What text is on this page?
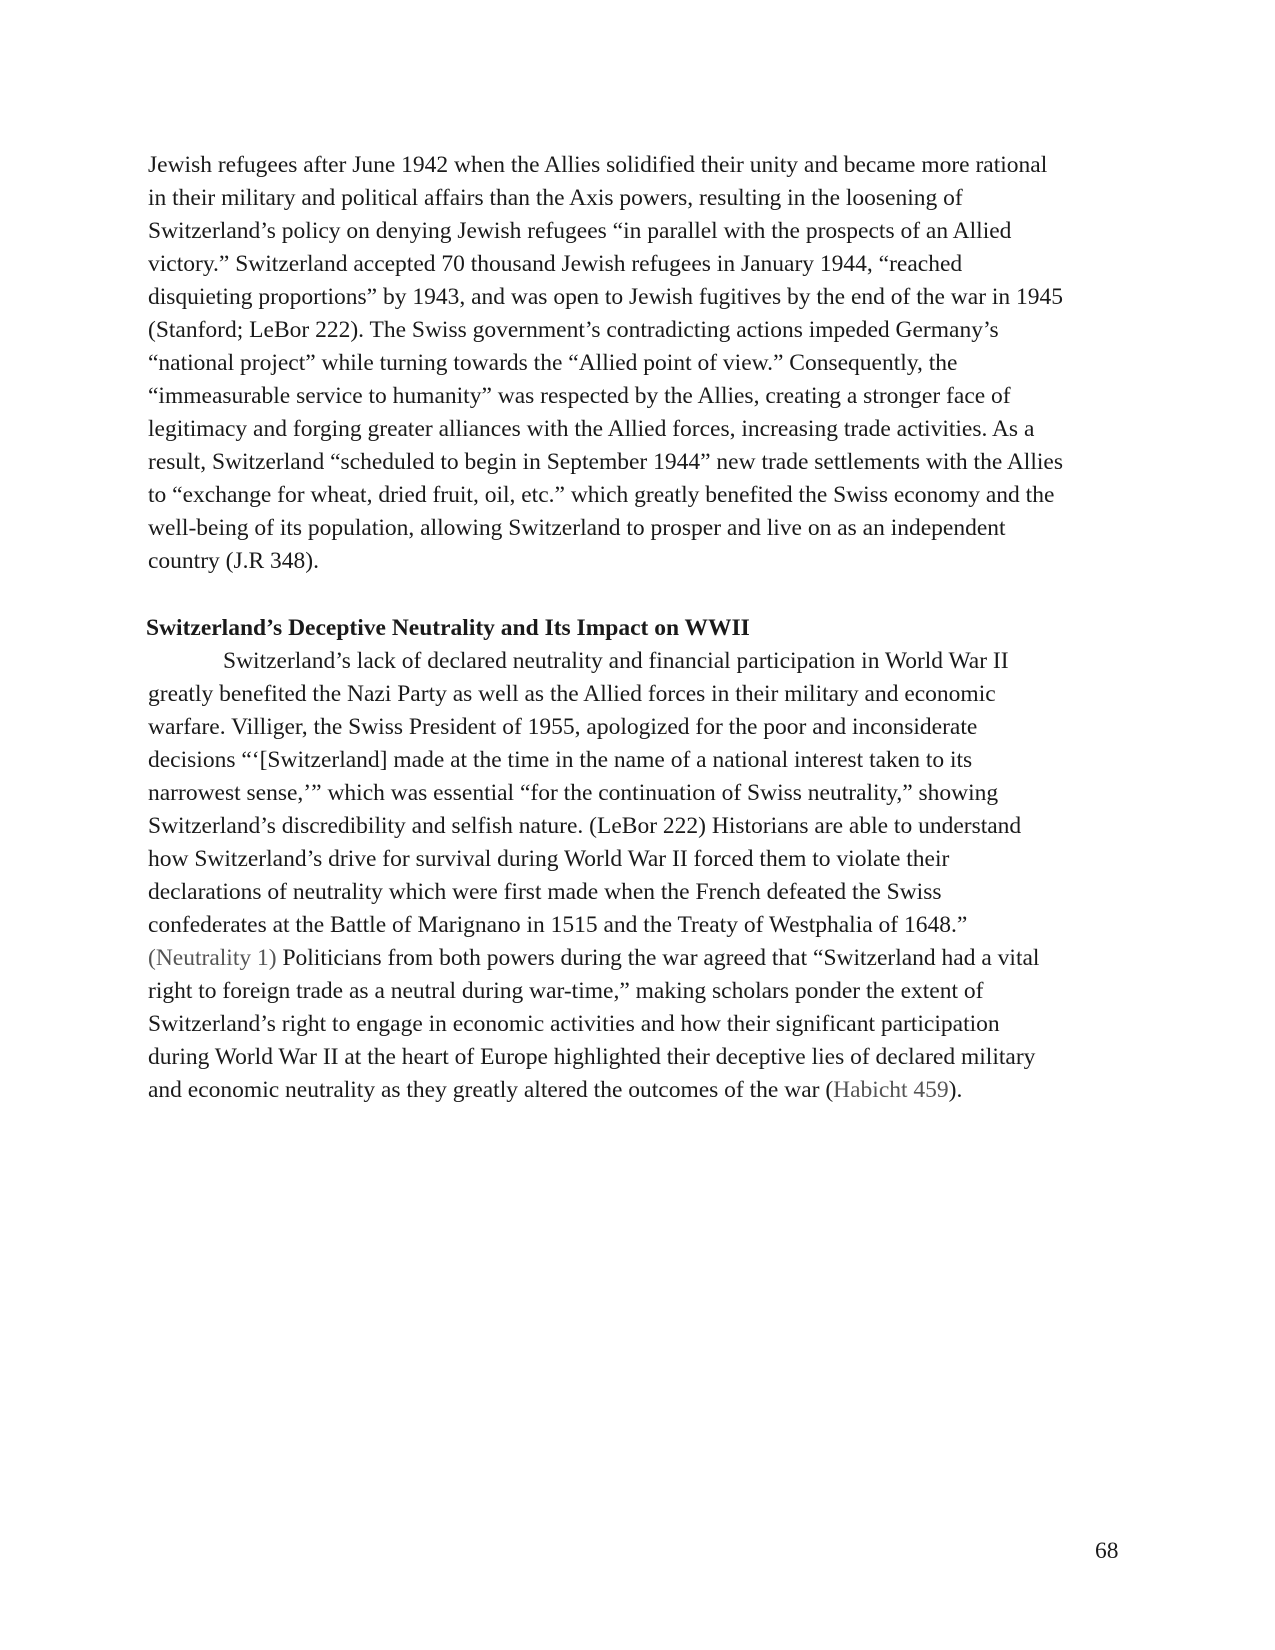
Jewish refugees after June 1942 when the Allies solidified their unity and became more rational
in their military and political affairs than the Axis powers, resulting in the loosening of
Switzerland’s policy on denying Jewish refugees “in parallel with the prospects of an Allied
victory.” Switzerland accepted 70 thousand Jewish refugees in January 1944, “reached
disquieting proportions” by 1943, and was open to Jewish fugitives by the end of the war in 1945
(Stanford; LeBor 222). The Swiss government’s contradicting actions impeded Germany’s
“national project” while turning towards the “Allied point of view.” Consequently, the
“immeasurable service to humanity” was respected by the Allies, creating a stronger face of
legitimacy and forging greater alliances with the Allied forces, increasing trade activities. As a
result, Switzerland “scheduled to begin in September 1944” new trade settlements with the Allies
to “exchange for wheat, dried fruit, oil, etc.” which greatly benefited the Swiss economy and the
well-being of its population, allowing Switzerland to prosper and live on as an independent
country (J.R 348).
Switzerland’s Deceptive Neutrality and Its Impact on WWII
Switzerland’s lack of declared neutrality and financial participation in World War II
greatly benefited the Nazi Party as well as the Allied forces in their military and economic
warfare. Villiger, the Swiss President of 1955, apologized for the poor and inconsiderate
decisions “‘[Switzerland] made at the time in the name of a national interest taken to its
narrowest sense,’” which was essential “for the continuation of Swiss neutrality,” showing
Switzerland’s discredibility and selfish nature. (LeBor 222) Historians are able to understand
how Switzerland’s drive for survival during World War II forced them to violate their
declarations of neutrality which were first made when the French defeated the Swiss
confederates at the Battle of Marignano in 1515 and the Treaty of Westphalia of 1648.”
(Neutrality 1) Politicians from both powers during the war agreed that “Switzerland had a vital
right to foreign trade as a neutral during war-time,” making scholars ponder the extent of
Switzerland’s right to engage in economic activities and how their significant participation
during World War II at the heart of Europe highlighted their deceptive lies of declared military
and economic neutrality as they greatly altered the outcomes of the war (Habicht 459).
68
